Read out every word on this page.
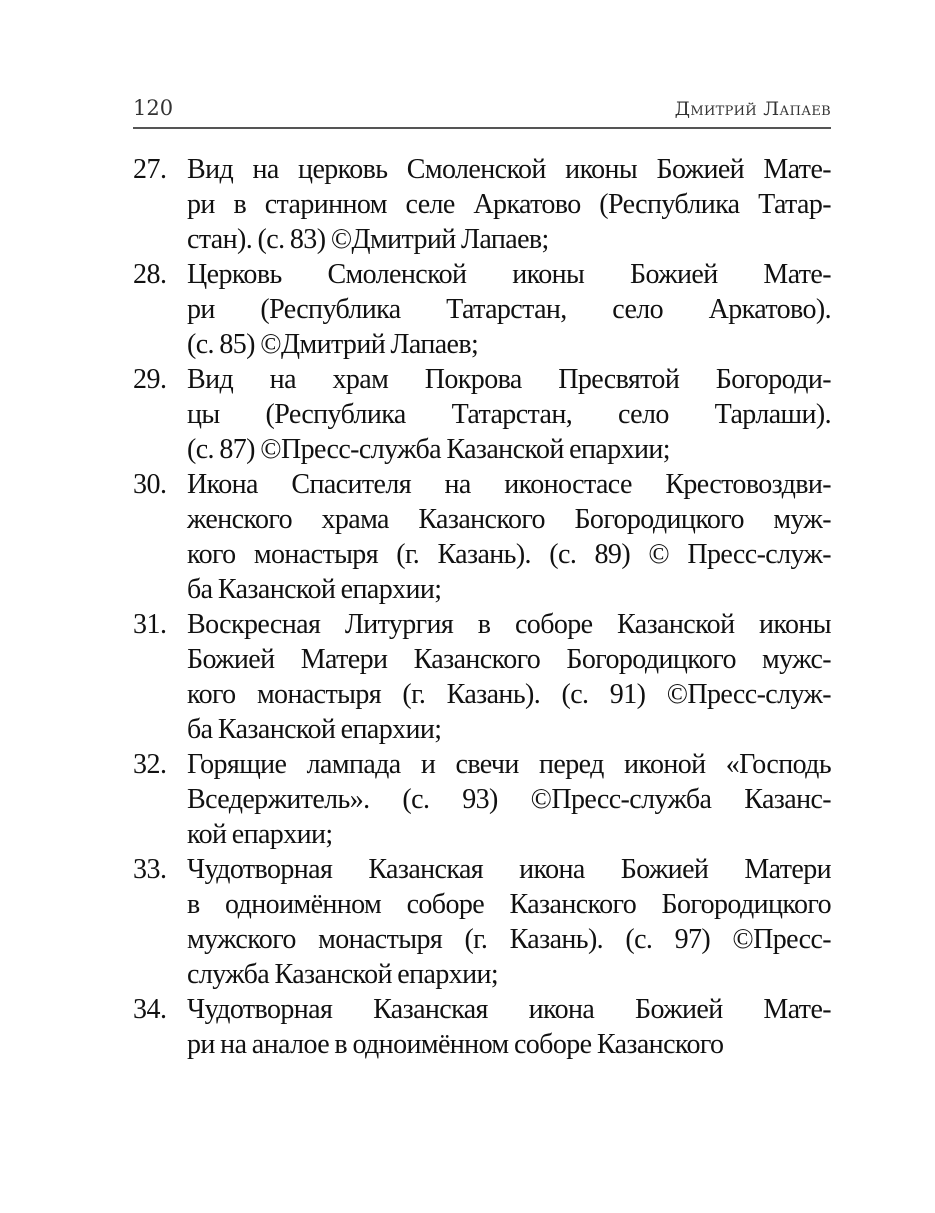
120	Дмитрий Лапаев
27. Вид на церковь Смоленской иконы Божией Мате-
ри в старинном селе Аркатово (Республика Татар-
стан). (с. 83) ©Дмитрий Лапаев;
28. Церковь Смоленской иконы Божией Мате-
ри (Республика Татарстан, село Аркатово).
(с. 85) ©Дмитрий Лапаев;
29. Вид на храм Покрова Пресвятой Богороди-
цы (Республика Татарстан, село Тарлаши).
(с. 87) ©Пресс-служба Казанской епархии;
30. Икона Спасителя на иконостасе Крестовоздви-
женского храма Казанского Богородицкого муж-
кого монастыря (г. Казань). (с. 89) © Пресс-служ-
ба Казанской епархии;
31. Воскресная Литургия в соборе Казанской иконы
Божией Матери Казанского Богородицкого мужс-
кого монастыря (г. Казань). (с. 91) ©Пресс-служ-
ба Казанской епархии;
32. Горящие лампада и свечи перед иконой «Господь
Вседержитель». (с. 93) ©Пресс-служба Казанс-
кой епархии;
33. Чудотворная Казанская икона Божией Матери
в одноимённом соборе Казанского Богородицкого
мужского монастыря (г. Казань). (с. 97) ©Пресс-
служба Казанской епархии;
34. Чудотворная Казанская икона Божией Мате-
ри на аналое в одноимённом соборе Казанского
